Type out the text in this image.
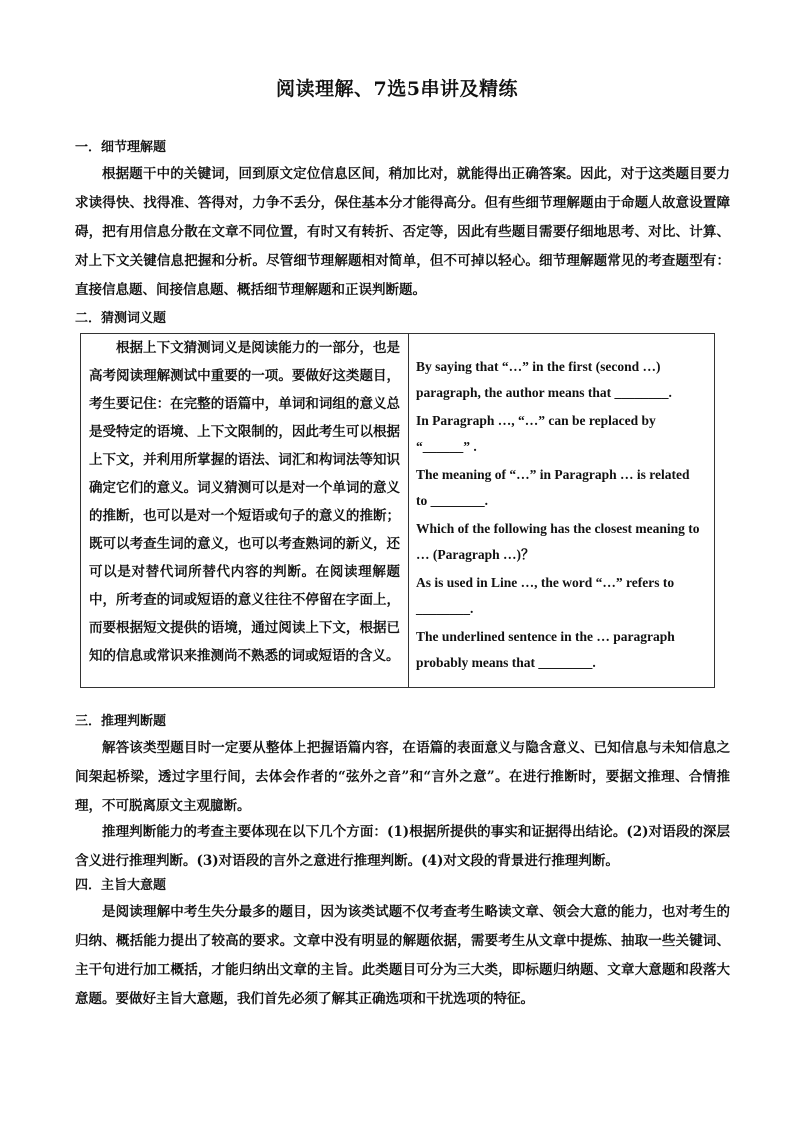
阅读理解、7选5串讲及精练
一．细节理解题
根据题干中的关键词，回到原文定位信息区间，稍加比对，就能得出正确答案。因此，对于这类题目要力求读得快、找得准、答得对，力争不丢分，保住基本分才能得高分。但有些细节理解题由于命题人故意设置障碍，把有用信息分散在文章不同位置，有时又有转折、否定等，因此有些题目需要仔细地思考、对比、计算、对上下文关键信息把握和分析。尽管细节理解题相对简单，但不可掉以轻心。细节理解题常见的考查题型有：直接信息题、间接信息题、概括细节理解题和正误判断题。
二．猜测词义题
根据上下文猜测词义是阅读能力的一部分，也是高考阅读理解测试中重要的一项。要做好这类题目，考生要记住：在完整的语篇中，单词和词组的意义总是受特定的语境、上下文限制的，因此考生可以根据上下文，并利用所掌握的语法、词汇和构词法等知识确定它们的意义。词义猜测可以是对一个单词的意义的推断，也可以是对一个短语或句子的意义的推断；既可以考查生词的意义，也可以考查熟词的新义，还可以是对替代词所替代内容的判断。在阅读理解题中，所考查的词或短语的意义往往不停留在字面上，而要根据短文提供的语境，通过阅读上下文，根据已知的信息或常识来推测尚不熟悉的词或短语的含义。

By saying that “…” in the first (second …) paragraph, the author means that ________.
In Paragraph …, “…” can be replaced by “______” .
The meaning of “…” in Paragraph … is related to ________.
Which of the following has the closest meaning to … (Paragraph …)？
As is used in Line …, the word “…” refers to ________.
The underlined sentence in the … paragraph probably means that ________.
三．推理判断题
解答该类型题目时一定要从整体上把握语篇内容，在语篇的表面意义与隐含意义、已知信息与未知信息之间架起桥梁，透过字里行间，去体会作者的“弦外之音”和“言外之意”。在进行推断时，要据文推理、合情推理，不可脱离原文主观臆断。
推理判断能力的考查主要体现在以下几个方面：(1)根据所提供的事实和证据得出结论。(2)对语段的深层含义进行推理判断。(3)对语段的言外之意进行推理判断。(4)对文段的背景进行推理判断。
四．主旨大意题
是阅读理解中考生失分最多的题目，因为该类试题不仅考查考生略读文章、领会大意的能力，也对考生的归纳、概括能力提出了较高的要求。文章中没有明显的解题依据，需要考生从文章中提炼、抽取一些关键词、主干句进行加工概括，才能归纳出文章的主旨。此类题目可分为三大类，即标题归纳题、文章大意题和段落大意题。要做好主旨大意题，我们首先必须了解其正确选项和干扰选项的特征。
